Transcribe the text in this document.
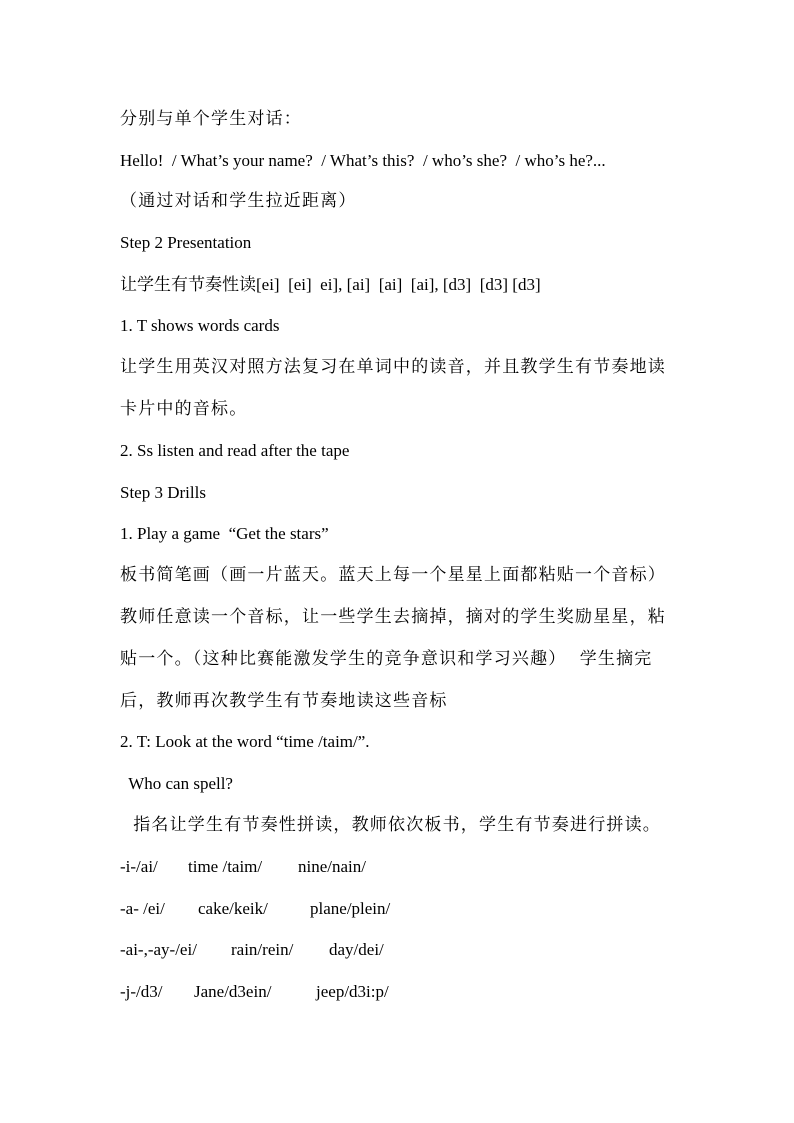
分别与单个学生对话：
Hello!  / What’s your name?  / What’s this?  / who’s she?  / who’s he?...
（通过对话和学生拉近距离）
Step 2 Presentation
让学生有节奏性读[ei]  [ei]  ei], [ai]  [ai]  [ai], [d3]  [d3] [d3]
1. T shows words cards
让学生用英汉对照方法复习在单词中的读音，并且教学生有节奏地读
卡片中的音标。
2. Ss listen and read after the tape
Step 3 Drills
1. Play a game  “Get the stars”
板书简笔画（画一片蓝天。蓝天上每一个星星上面都粘贴一个音标）
教师任意读一个音标，让一些学生去摘掉，摘对的学生奖励星星，粘
贴一个。（这种比赛能激发学生的竞争意识和学习兴趣）  学生摘完
后，教师再次教学生有节奏地读这些音标
2. T: Look at the word “time /taim/”.
Who can spell?
指名让学生有节奏性拼读，教师依次板书，学生有节奏进行拼读。

-i-/ai/

time /taim/

nine/nain/

-a- /ei/

cake/keik/

plane/plein/

-ai-,-ay-/ei/

rain/rein/

day/dei/

-j-/d3/

Jane/d3ein/

	jeep/d3i:p/
